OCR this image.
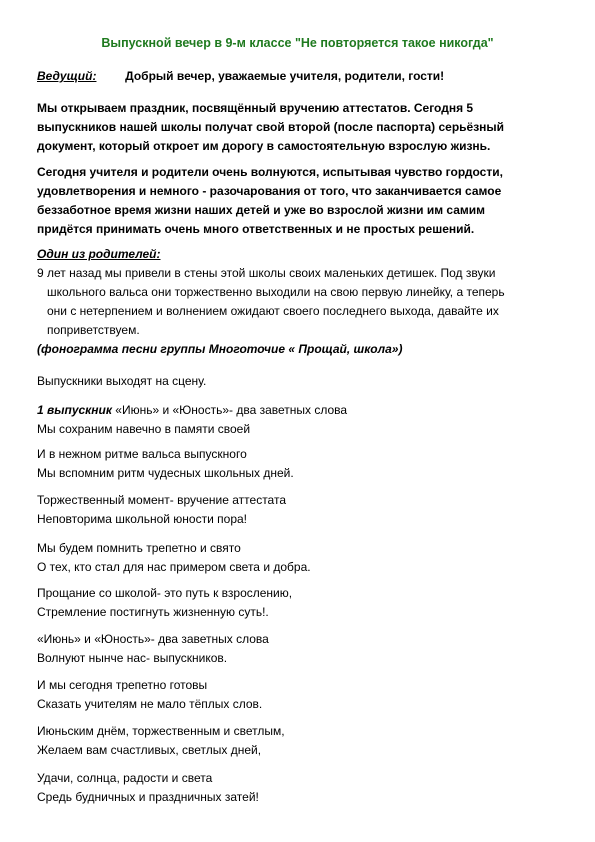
Выпускной вечер в 9-м классе "Не повторяется такое никогда"
Ведущий: Добрый вечер, уважаемые учителя, родители, гости!
Мы открываем праздник, посвящённый вручению аттестатов. Сегодня 5
выпускников нашей школы получат свой второй (после паспорта) серьёзный
документ, который откроет им дорогу в самостоятельную взрослую жизнь.
Сегодня учителя и родители очень волнуются, испытывая чувство гордости,
удовлетворения и немного - разочарования от того, что заканчивается самое
беззаботное время жизни наших детей и уже во взрослой жизни им самим
придётся принимать очень много ответственных и не простых решений.
Один из родителей:
9 лет назад мы привели в стены этой школы своих маленьких детишек. Под звуки
школьного вальса они торжественно выходили на свою первую линейку, а теперь
они с нетерпением и волнением ожидают своего последнего выхода, давайте их
поприветствуем.
(фонограмма песни группы Многоточие « Прощай, школа»)
Выпускники выходят на сцену.
1 выпускник «Июнь» и «Юность»- два заветных слова
Мы сохраним навечно в памяти своей
И в нежном ритме вальса выпускного
Мы вспомним ритм чудесных школьных дней.
Торжественный момент- вручение аттестата
Неповторима школьной юности пора!
Мы будем помнить трепетно и свято
О тех, кто стал для нас примером света и добра.
Прощание со школой- это путь к взрослению,
Стремление постигнуть жизненную суть!.
«Июнь» и «Юность»- два заветных слова
Волнуют нынче нас- выпускников.
И мы сегодня трепетно готовы
Сказать учителям не мало тёплых слов.
Июньским днём, торжественным и светлым,
Желаем вам счастливых, светлых дней,
Удачи, солнца, радости и света
Средь будничных и праздничных затей!
